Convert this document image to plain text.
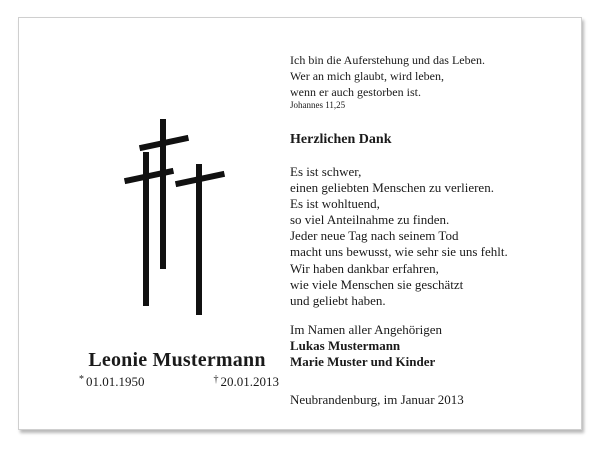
Leonie Mustermann
* 01.01.1950	† 20.01.2013
Ich bin die Auferstehung und das Leben.
Wer an mich glaubt, wird leben,
wenn er auch gestorben ist.
Johannes 11,25
Herzlichen Dank
Es ist schwer,
einen geliebten Menschen zu verlieren.
Es ist wohltuend,
so viel Anteilnahme zu finden.
Jeder neue Tag nach seinem Tod
macht uns bewusst, wie sehr sie uns fehlt.
Wir haben dankbar erfahren,
wie viele Menschen sie geschätzt
und geliebt haben.
Im Namen aller Angehörigen
Lukas Mustermann
Marie Muster und Kinder
Neubrandenburg, im Januar 2013
